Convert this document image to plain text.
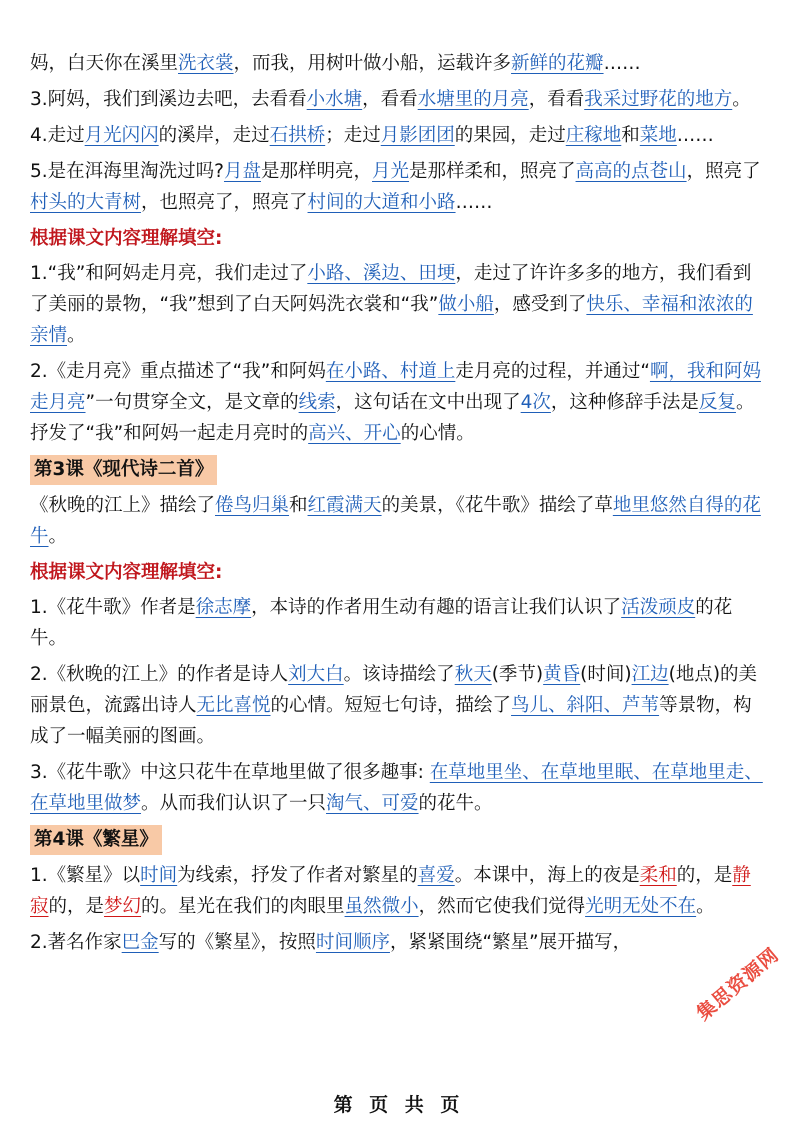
妈，白天你在溪里洗衣裳，而我，用树叶做小船，运载许多新鲜的花瓣……
3.阿妈，我们到溪边去吧，去看看小水塘，看看水塘里的月亮，看看我采过野花的地方。
4.走过月光闪闪的溪岸，走过石拱桥；走过月影团团的果园，走过庄稼地和菜地……
5.是在洱海里淘洗过吗?月盘是那样明亮，月光是那样柔和，照亮了高高的点苍山，照亮了村头的大青树，也照亮了，照亮了村间的大道和小路……
根据课文内容理解填空:
1.“我”和阿妈走月亮，我们走过了小路、溪边、田埂，走过了许许多多的地方，我们看到了美丽的景物，“我”想到了白天阿妈洗衣裳和“我”做小船，感受到了快乐、幸福和浓浓的亲情。
2.《走月亮》重点描述了“我”和阿妈在小路、村道上走月亮的过程，并通过“啊，我和阿妈走月亮”一句贯穿全文，是文章的线索，这句话在文中出现了4次，这种修辞手法是反复。抒发了“我”和阿妈一起走月亮时的高兴、开心的心情。
第3课《现代诗二首》
《秋晚的江上》描绘了倦鸟归巢和红霞满天的美景，《花牛歌》描绘了草地里悠然自得的花牛。
根据课文内容理解填空:
1.《花牛歌》作者是徐志摩，本诗的作者用生动有趣的语言让我们认识了活泼顽皮的花牛。
2.《秋晚的江上》的作者是诗人刘大白。该诗描绘了秋天(季节)黄昏(时间)江边(地点)的美丽景色，流露出诗人无比喜悦的心情。短短七句诗，描绘了鸟儿、斜阳、芦苇等景物，构成了一幅美丽的图画。
3.《花牛歌》中这只花牛在草地里做了很多趣事: 在草地里坐、在草地里眠、在草地里走、在草地里做梦。从而我们认识了一只淘气、可爱的花牛。
第4课《繁星》
1.《繁星》以时间为线索，抒发了作者对繁星的喜爱。本课中，海上的夜是柔和的，是静寂的，是梦幻的。星光在我们的肉眼里虽然微小，然而它使我们觉得光明无处不在。
2.著名作家巴金写的《繁星》，按照时间顺序，紧紧围绕“繁星”展开描写，
第 页 共 页
集思资源网
